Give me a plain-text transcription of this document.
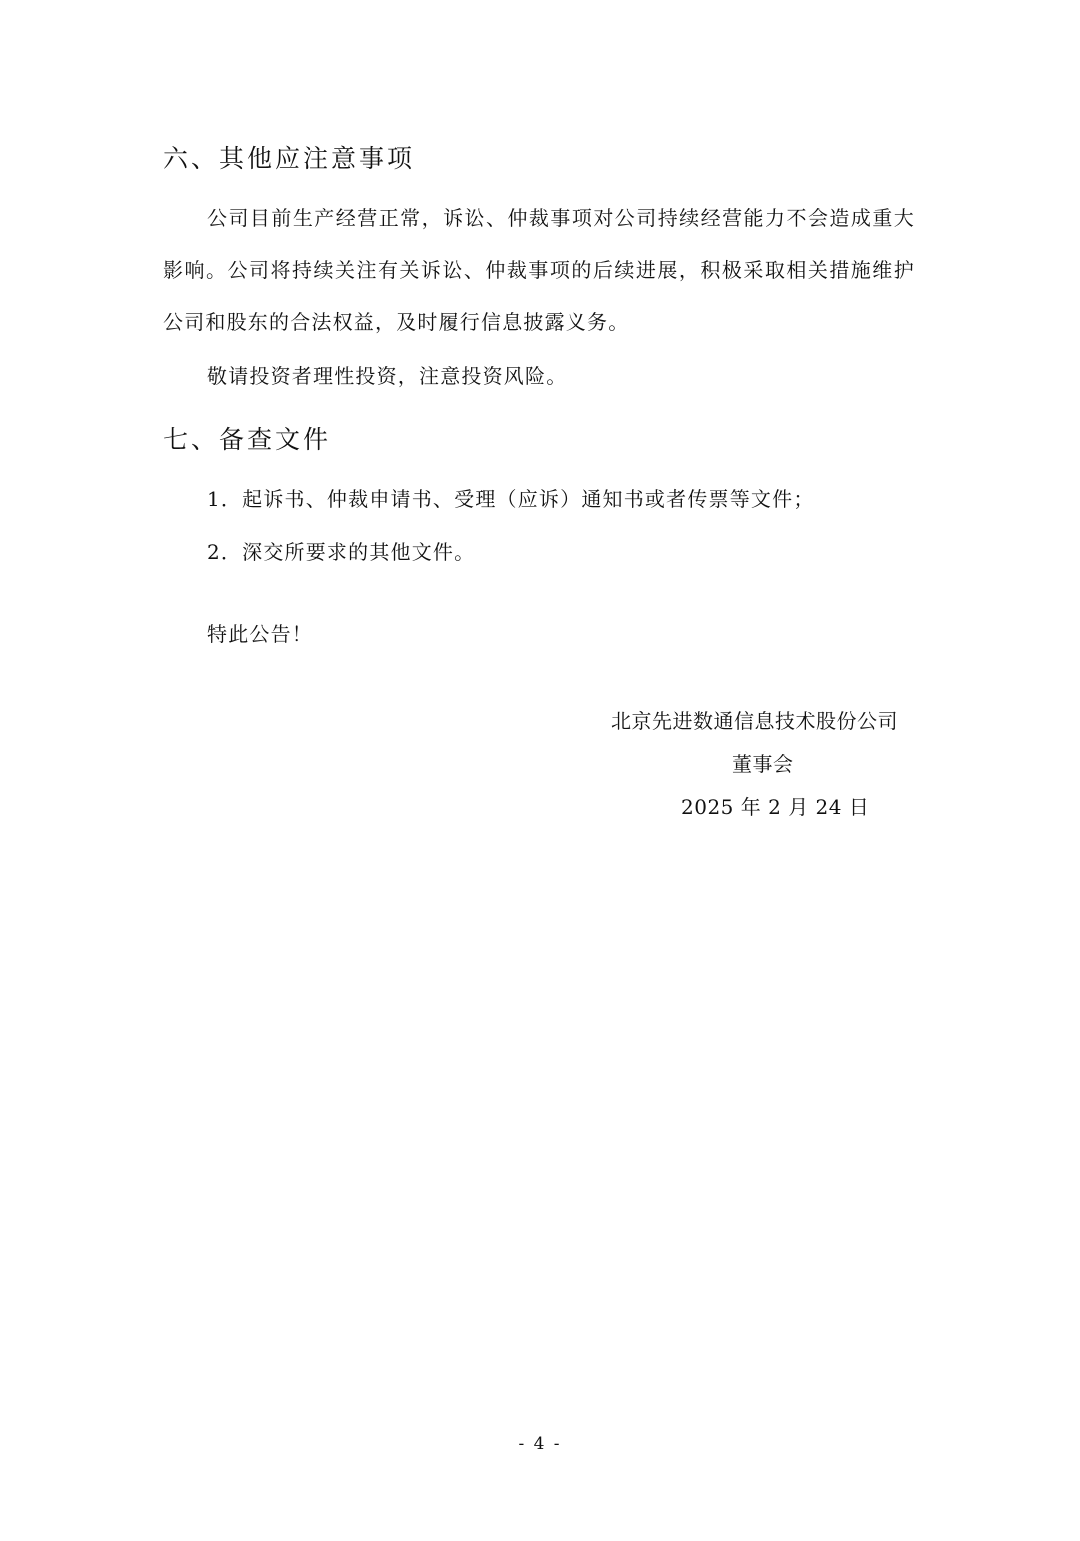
六、其他应注意事项

公司目前生产经营正常，诉讼、仲裁事项对公司持续经营能力不会造成重大影响。公司将持续关注有关诉讼、仲裁事项的后续进展，积极采取相关措施维护公司和股东的合法权益，及时履行信息披露义务。

敬请投资者理性投资，注意投资风险。

七、备查文件

1．起诉书、仲裁申请书、受理（应诉）通知书或者传票等文件；

2．深交所要求的其他文件。

特此公告！

北京先进数通信息技术股份公司

董事会

2025 年 2 月 24 日

- 4 -
